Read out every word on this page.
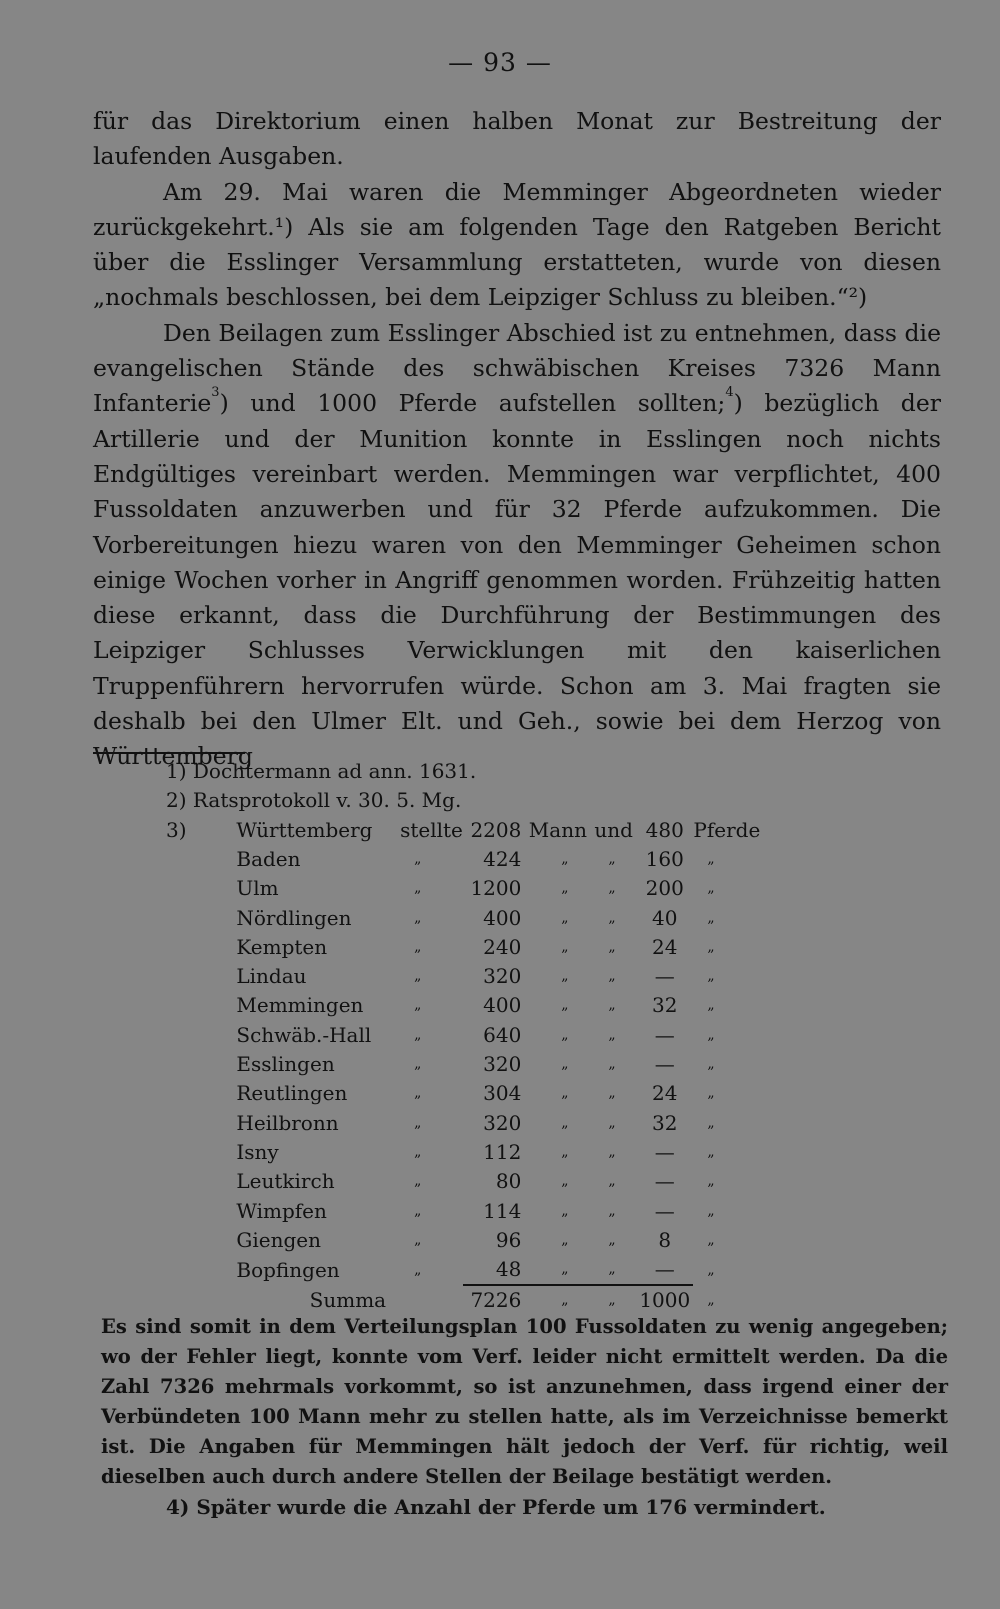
— 93 —

für das Direktorium einen halben Monat zur Bestreitung der laufenden Ausgaben.

Am 29. Mai waren die Memminger Abgeordneten wieder zurückgekehrt.¹) Als sie am folgenden Tage den Ratgeben Bericht über die Esslinger Versammlung erstatteten, wurde von diesen „nochmals beschlossen, bei dem Leipziger Schluss zu bleiben.“²)

Den Beilagen zum Esslinger Abschied ist zu entnehmen, dass die evangelischen Stände des schwäbischen Kreises 7326 Mann Infanterie$^3$) und 1000 Pferde aufstellen sollten;$^4$) bezüglich der Artillerie und der Munition konnte in Esslingen noch nichts Endgültiges vereinbart werden. Memmingen war verpflichtet, 400 Fussoldaten anzuwerben und für 32 Pferde aufzukommen. Die Vorbereitungen hiezu waren von den Memminger Geheimen schon einige Wochen vorher in Angriff genommen worden. Frühzeitig hatten diese erkannt, dass die Durchführung der Bestimmungen des Leipziger Schlusses Verwicklungen mit den kaiserlichen Truppenführern hervorrufen würde. Schon am 3. Mai fragten sie deshalb bei den Ulmer Elt. und Geh., sowie bei dem Herzog von Württemberg

1) Dochtermann ad ann. 1631.
2) Ratsprotokoll v. 30. 5. Mg.
3)	Württemberg	stellte	2208	Mann	und	480	Pferde
	Baden	„	424	„	„	160	„
	Ulm	„	1200	„	„	200	„
	Nördlingen	„	400	„	„	40	„
	Kempten	„	240	„	„	24	„
	Lindau	„	320	„	„	—	„
	Memmingen	„	400	„	„	32	„
	Schwäb.-Hall	„	640	„	„	—	„
	Esslingen	„	320	„	„	—	„
	Reutlingen	„	304	„	„	24	„
	Heilbronn	„	320	„	„	32	„
	Isny	„	112	„	„	—	„
	Leutkirch	„	80	„	„	—	„
	Wimpfen	„	114	„	„	—	„
	Giengen	„	96	„	„	8	„
	Bopfingen	„	48	„	„	—	„
	Summa		7226	„	„	1000	„
Es sind somit in dem Verteilungsplan 100 Fussoldaten zu wenig angegeben; wo der Fehler liegt, konnte vom Verf. leider nicht ermittelt werden. Da die Zahl 7326 mehrmals vorkommt, so ist anzunehmen, dass irgend einer der Verbündeten 100 Mann mehr zu stellen hatte, als im Verzeichnisse bemerkt ist. Die Angaben für Memmingen hält jedoch der Verf. für richtig, weil dieselben auch durch andere Stellen der Beilage bestätigt werden.
4) Später wurde die Anzahl der Pferde um 176 vermindert.
